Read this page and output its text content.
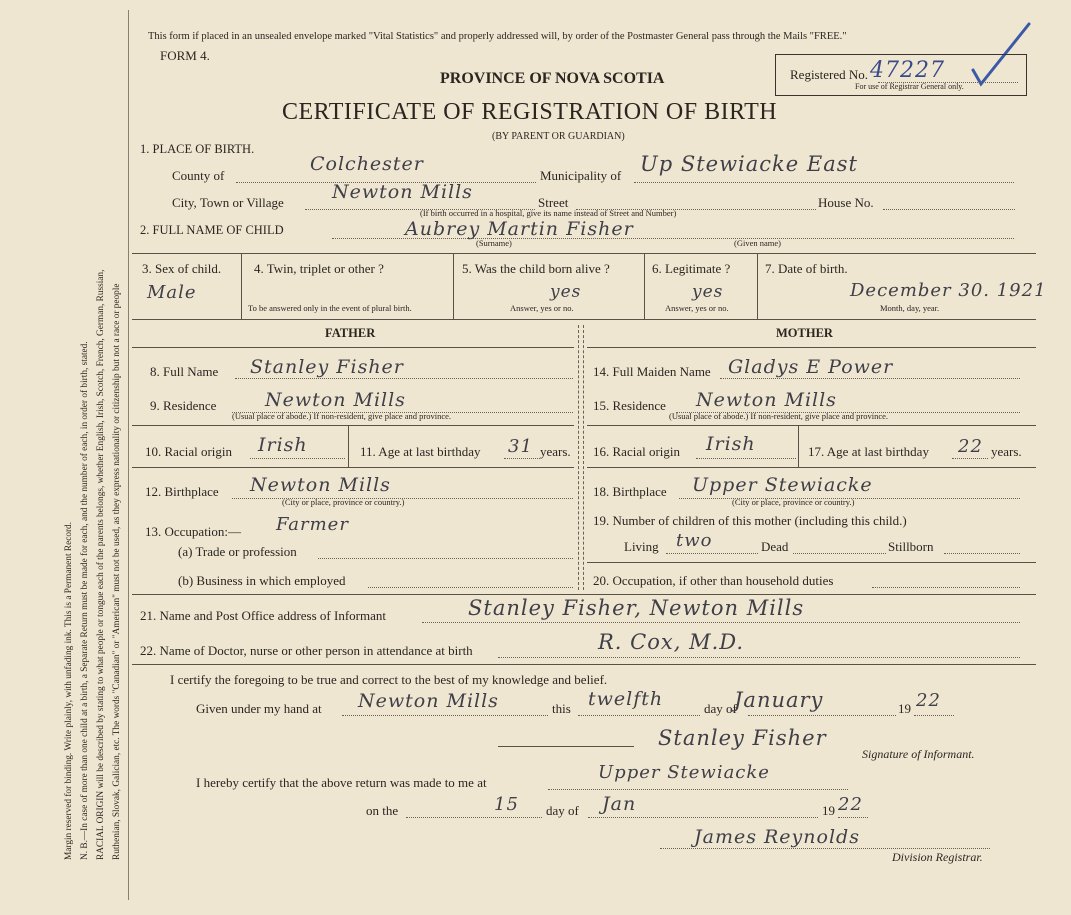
Margin reserved for binding. Write plainly, with unfading ink. This is a Permanent Record. N. B.—In case of more than one child at a birth, a Separate Return must be made for each, and the number of each, in order of birth, stated. RACIAL ORIGIN will be described by stating to what people or tongue each of the parents belongs, whether English, Irish, Scotch, French, German, Russian, Ruthenian, Slovak, Galician, etc. The words "Canadian" or "American" must not be used, as they express nationality or citizenship but not a race or people
This form if placed in an unsealed envelope marked "Vital Statistics" and properly addressed will, by order of the Postmaster General pass through the Mails "FREE."
FORM 4.
PROVINCE OF NOVA SCOTIA
CERTIFICATE OF REGISTRATION OF BIRTH
(BY PARENT OR GUARDIAN)
Registered No. 47227
For use of Registrar General only.
1. PLACE OF BIRTH.
County of
Colchester
Municipality of Up Stewiacke East
City, Town or Village	Newton Mills	Street	House No.
(If birth occurred in a hospital, give its name instead of Street and Number)
2. FULL NAME OF CHILD	Aubrey Martin Fisher
(Surname)	(Given name)
3. Sex of child.
Male
4. Twin, triplet or other ?
To be answered only in the event of plural birth.
5. Was the child born alive ?
yes
Answer, yes or no.
6. Legitimate ?
yes
Answer, yes or no.
7. Date of birth.
December 30. 1921
Month, day, year.
FATHER
8. Full Name Stanley Fisher
9. Residence	Newton Mills
(Usual place of abode.) If non-resident, give place and province.
10. Racial origin Irish	11. Age at last birthday 31 years.
12. Birthplace Newton Mills
(City or place, province or country.)
13. Occupation:— Farmer
(a) Trade or profession
(b) Business in which employed
MOTHER
14. Full Maiden Name Gladys E Power
15. Residence Newton Mills
(Usual place of abode.) If non-resident, give place and province.
16. Racial origin Irish	17. Age at last birthday 22 years.
18. Birthplace Upper Stewiacke
(City or place, province or country.)
19. Number of children of this mother (including this child.)
Living two	Dead	Stillborn
20. Occupation, if other than household duties
21. Name and Post Office address of Informant	Stanley Fisher, Newton Mills
22. Name of Doctor, nurse or other person in attendance at birth	R. Cox, M.D.
I certify the foregoing to be true and correct to the best of my knowledge and belief.
Given under my hand at Newton Mills	this twelfth	day of
January	19 22
Stanley Fisher
Signature of Informant.
I hereby certify that the above return was made to me at	Upper Stewiacke
on the	15 day of Jan	19 22
James Reynolds
Division Registrar.
